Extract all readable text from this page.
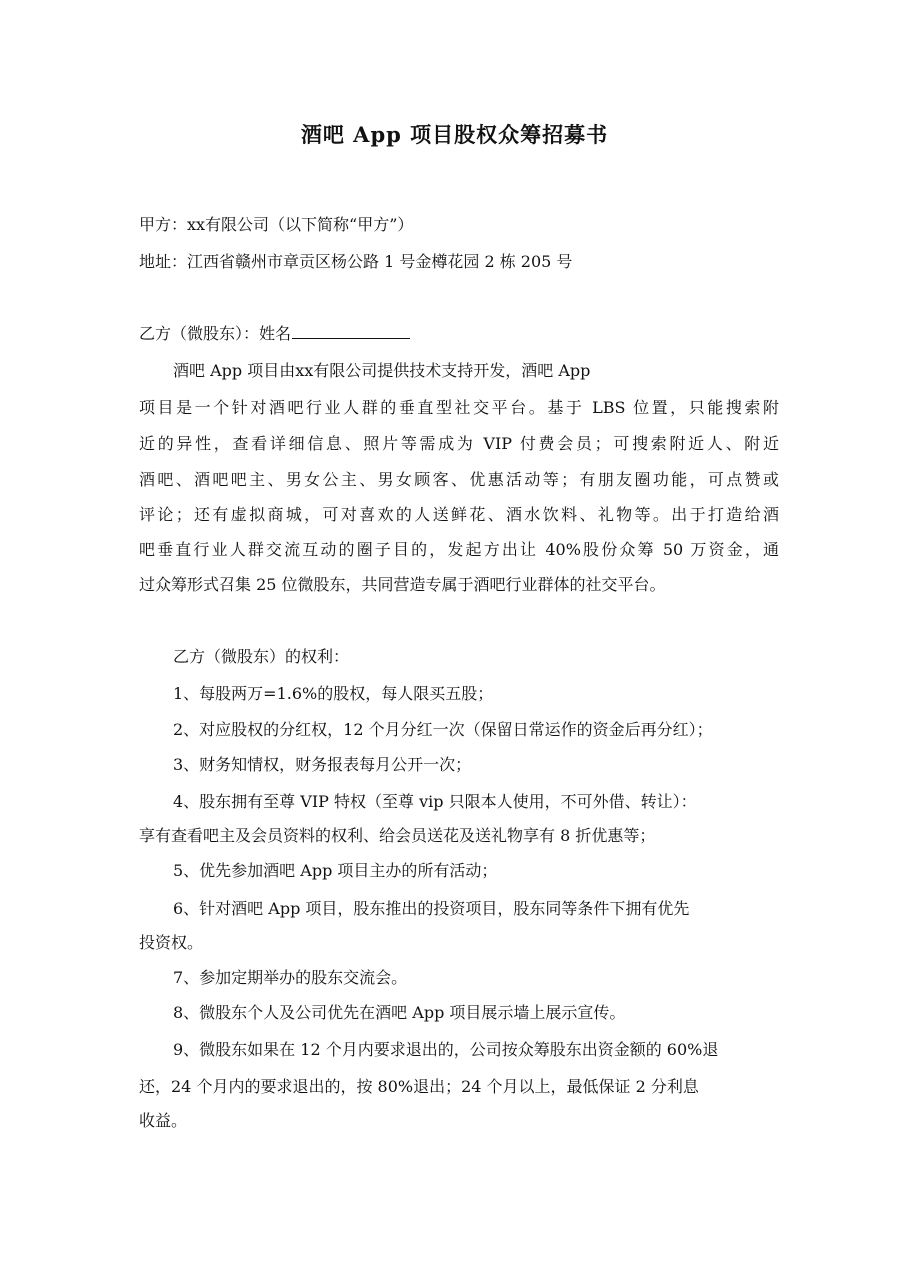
酒吧 App 项目股权众筹招募书
甲方：xx有限公司（以下简称“甲方”）
地址：江西省赣州市章贡区杨公路 1 号金樽花园 2 栋 205 号
乙方（微股东）：姓名
酒吧 App 项目由xx有限公司提供技术支持开发，酒吧 App
项目是一个针对酒吧行业人群的垂直型社交平台。基于 LBS 位置，只能搜索附
近的异性，查看详细信息、照片等需成为 VIP 付费会员；可搜索附近人、附近
酒吧、酒吧吧主、男女公主、男女顾客、优惠活动等；有朋友圈功能，可点赞或
评论；还有虚拟商城，可对喜欢的人送鲜花、酒水饮料、礼物等。出于打造给酒
吧垂直行业人群交流互动的圈子目的，发起方出让 40%股份众筹 50 万资金，通
过众筹形式召集 25 位微股东，共同营造专属于酒吧行业群体的社交平台。
乙方（微股东）的权利：
1、每股两万=1.6%的股权，每人限买五股；
2、对应股权的分红权，12 个月分红一次（保留日常运作的资金后再分红）；
3、财务知情权，财务报表每月公开一次；
4、股东拥有至尊 VIP 特权（至尊 vip 只限本人使用，不可外借、转让）：
享有查看吧主及会员资料的权利、给会员送花及送礼物享有 8 折优惠等；
5、优先参加酒吧 App 项目主办的所有活动；
6、针对酒吧 App 项目，股东推出的投资项目，股东同等条件下拥有优先
投资权。
7、参加定期举办的股东交流会。
8、微股东个人及公司优先在酒吧 App 项目展示墙上展示宣传。
9、微股东如果在 12 个月内要求退出的，公司按众筹股东出资金额的 60%退
还，24 个月内的要求退出的，按 80%退出；24 个月以上，最低保证 2 分利息
收益。
